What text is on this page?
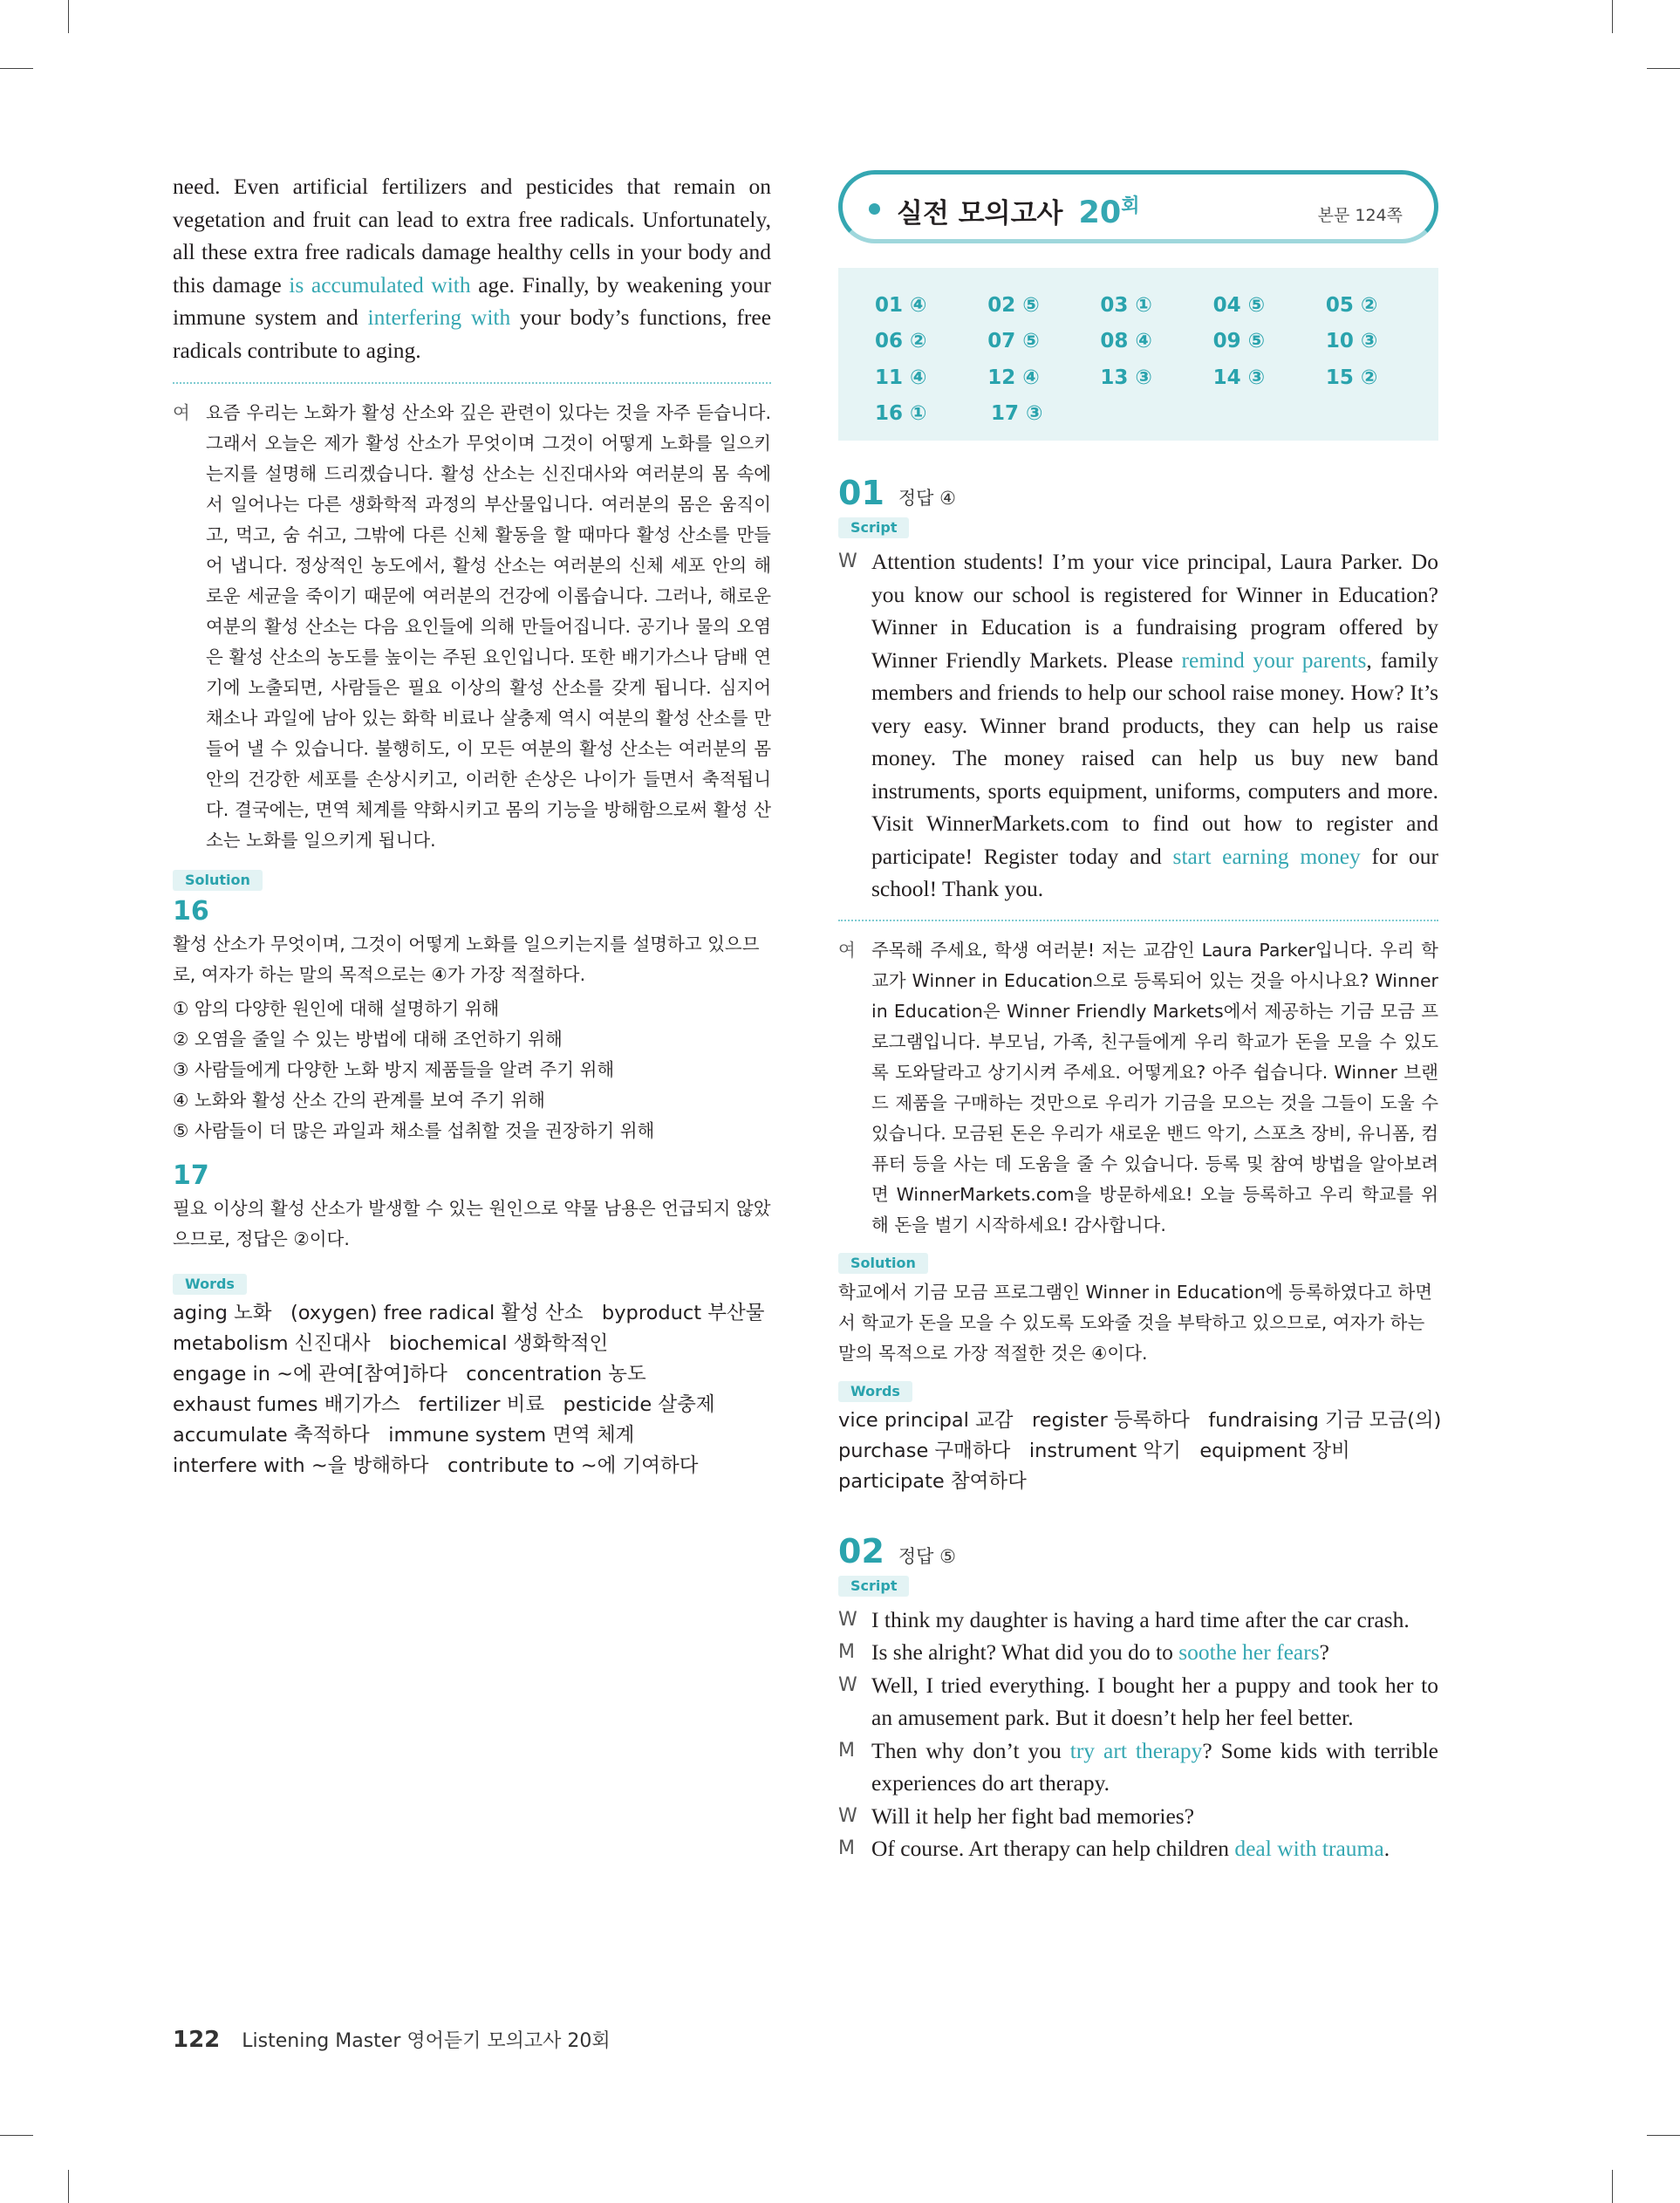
need. Even artificial fertilizers and pesticides that remain on vegetation and fruit can lead to extra free radicals. Unfortunately, all these extra free radicals damage healthy cells in your body and this damage is accumulated with age. Finally, by weakening your immune system and interfering with your body’s functions, free radicals contribute to aging.

여 요즘 우리는 노화가 활성 산소와 깊은 관련이 있다는 것을 자주 듣습니다. 그래서 오늘은 제가 활성 산소가 무엇이며 그것이 어떻게 노화를 일으키는지를 설명해 드리겠습니다. 활성 산소는 신진대사와 여러분의 몸 속에서 일어나는 다른 생화학적 과정의 부산물입니다. 여러분의 몸은 움직이고, 먹고, 숨 쉬고, 그밖에 다른 신체 활동을 할 때마다 활성 산소를 만들어 냅니다. 정상적인 농도에서, 활성 산소는 여러분의 신체 세포 안의 해로운 세균을 죽이기 때문에 여러분의 건강에 이롭습니다. 그러나, 해로운 여분의 활성 산소는 다음 요인들에 의해 만들어집니다. 공기나 물의 오염은 활성 산소의 농도를 높이는 주된 요인입니다. 또한 배기가스나 담배 연기에 노출되면, 사람들은 필요 이상의 활성 산소를 갖게 됩니다. 심지어 채소나 과일에 남아 있는 화학 비료나 살충제 역시 여분의 활성 산소를 만들어 낼 수 있습니다. 불행히도, 이 모든 여분의 활성 산소는 여러분의 몸 안의 건강한 세포를 손상시키고, 이러한 손상은 나이가 들면서 축적됩니다. 결국에는, 면역 체계를 약화시키고 몸의 기능을 방해함으로써 활성 산소는 노화를 일으키게 됩니다.
Solution
16
활성 산소가 무엇이며, 그것이 어떻게 노화를 일으키는지를 설명하고 있으므로, 여자가 하는 말의 목적으로는 ④가 가장 적절하다.
① 암의 다양한 원인에 대해 설명하기 위해
② 오염을 줄일 수 있는 방법에 대해 조언하기 위해
③ 사람들에게 다양한 노화 방지 제품들을 알려 주기 위해
④ 노화와 활성 산소 간의 관계를 보여 주기 위해
⑤ 사람들이 더 많은 과일과 채소를 섭취할 것을 권장하기 위해
17
필요 이상의 활성 산소가 발생할 수 있는 원인으로 약물 남용은 언급되지 않았으므로, 정답은 ②이다.
Words
aging 노화   (oxygen) free radical 활성 산소   byproduct 부산물
metabolism 신진대사   biochemical 생화학적인
engage in ~에 관여[참여]하다   concentration 농도
exhaust fumes 배기가스   fertilizer 비료   pesticide 살충제
accumulate 축적하다   immune system 면역 체계
interfere with ~을 방해하다   contribute to ~에 기여하다
실전 모의고사 $20^회$	본문 124쪽
01 ④	02 ⑤	03 ①	04 ⑤	05 ②
06 ②	07 ⑤	08 ④	09 ⑤	10 ③
11 ④	12 ④	13 ③	14 ③	15 ②
16 ①	17 ③
01 정답 ④
Script
W Attention students! I’m your vice principal, Laura Parker. Do you know our school is registered for Winner in Education? Winner in Education is a fundraising program offered by Winner Friendly Markets. Please remind your parents, family members and friends to help our school raise money. How? It’s very easy. Winner brand products, they can help us raise money. The money raised can help us buy new band instruments, sports equipment, uniforms, computers and more. Visit WinnerMarkets.com to find out how to register and participate! Register today and start earning money for our school! Thank you.
여 주목해 주세요, 학생 여러분! 저는 교감인 Laura Parker입니다. 우리 학교가 Winner in Education으로 등록되어 있는 것을 아시나요? Winner in Education은 Winner Friendly Markets에서 제공하는 기금 모금 프로그램입니다. 부모님, 가족, 친구들에게 우리 학교가 돈을 모을 수 있도록 도와달라고 상기시켜 주세요. 어떻게요? 아주 쉽습니다. Winner 브랜드 제품을 구매하는 것만으로 우리가 기금을 모으는 것을 그들이 도울 수 있습니다. 모금된 돈은 우리가 새로운 밴드 악기, 스포츠 장비, 유니폼, 컴퓨터 등을 사는 데 도움을 줄 수 있습니다. 등록 및 참여 방법을 알아보려면 WinnerMarkets.com을 방문하세요! 오늘 등록하고 우리 학교를 위해 돈을 벌기 시작하세요! 감사합니다.
Solution
학교에서 기금 모금 프로그램인 Winner in Education에 등록하였다고 하면서 학교가 돈을 모을 수 있도록 도와줄 것을 부탁하고 있으므로, 여자가 하는 말의 목적으로 가장 적절한 것은 ④이다.
Words
vice principal 교감   register 등록하다   fundraising 기금 모금(의)
purchase 구매하다   instrument 악기   equipment 장비
participate 참여하다
02 정답 ⑤
Script
W I think my daughter is having a hard time after the car crash.
M Is she alright? What did you do to soothe her fears?
W Well, I tried everything. I bought her a puppy and took her to an amusement park. But it doesn’t help her feel better.
M Then why don’t you try art therapy? Some kids with terrible experiences do art therapy.
W Will it help her fight bad memories?
M Of course. Art therapy can help children deal with trauma.
122 Listening Master 영어듣기 모의고사 20회
